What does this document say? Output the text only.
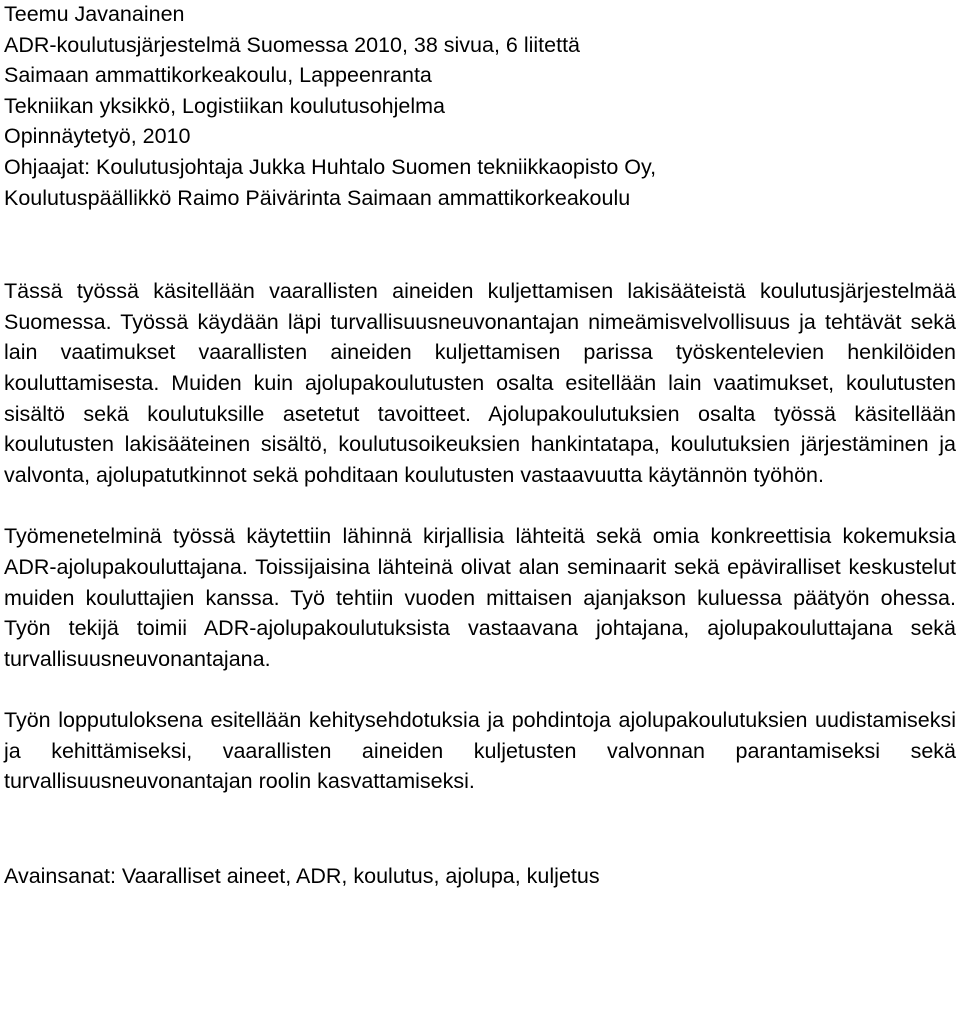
Teemu Javanainen
ADR-koulutusjärjestelmä Suomessa 2010, 38 sivua, 6 liitettä
Saimaan ammattikorkeakoulu, Lappeenranta
Tekniikan yksikkö, Logistiikan koulutusohjelma
Opinnäytetyö, 2010
Ohjaajat: Koulutusjohtaja Jukka Huhtalo Suomen tekniikkaopisto Oy,
Koulutuspäällikkö Raimo Päivärinta Saimaan ammattikorkeakoulu

Tässä työssä käsitellään vaarallisten aineiden kuljettamisen lakisääteistä koulutusjärjestelmää Suomessa. Työssä käydään läpi turvallisuusneuvonantajan nimeämisvelvollisuus ja tehtävät sekä lain vaatimukset vaarallisten aineiden kuljettamisen parissa työskentelevien henkilöiden kouluttamisesta. Muiden kuin ajolupakoulutusten osalta esitellään lain vaatimukset, koulutusten sisältö sekä koulutuksille asetetut tavoitteet. Ajolupakoulutuksien osalta työssä käsitellään koulutusten lakisääteinen sisältö, koulutusoikeuksien hankintatapa, koulutuksien järjestäminen ja valvonta, ajolupatutkinnot sekä pohditaan koulutusten vastaavuutta käytännön työhön.

Työmenetelminä työssä käytettiin lähinnä kirjallisia lähteitä sekä omia konkreettisia kokemuksia ADR-ajolupakouluttajana. Toissijaisina lähteinä olivat alan seminaarit sekä epäviralliset keskustelut muiden kouluttajien kanssa. Työ tehtiin vuoden mittaisen ajanjakson kuluessa päätyön ohessa. Työn tekijä toimii ADR-ajolupakoulutuksista vastaavana johtajana, ajolupakouluttajana sekä turvallisuusneuvonantajana.

Työn lopputuloksena esitellään kehitysehdotuksia ja pohdintoja ajolupakoulutuksien uudistamiseksi ja kehittämiseksi, vaarallisten aineiden kuljetusten valvonnan parantamiseksi sekä turvallisuusneuvonantajan roolin kasvattamiseksi.

Avainsanat: Vaaralliset aineet, ADR, koulutus, ajolupa, kuljetus
